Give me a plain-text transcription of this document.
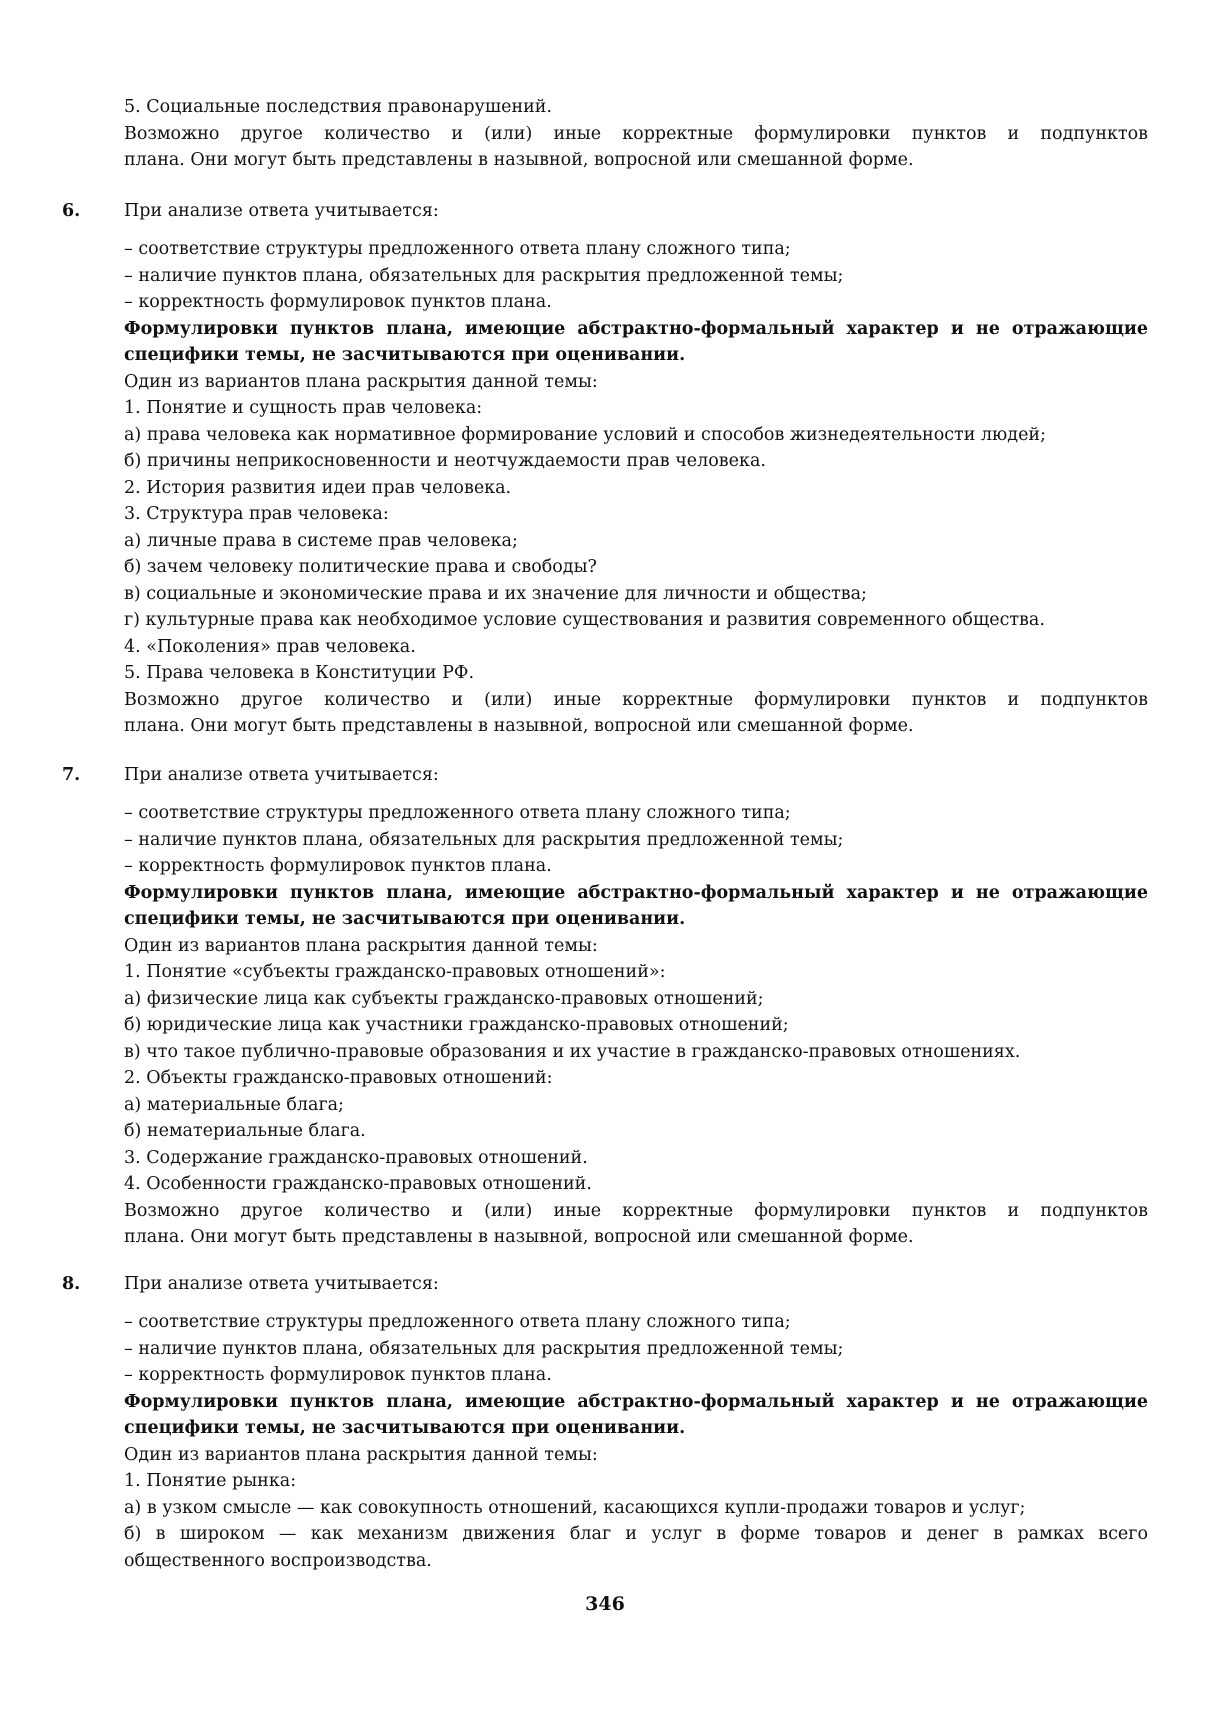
5. Социальные последствия правонарушений.
Возможно другое количество и (или) иные корректные формулировки пунктов и подпунктов
плана. Они могут быть представлены в назывной, вопросной или смешанной форме.
6. При анализе ответа учитывается:
– соответствие структуры предложенного ответа плану сложного типа;
– наличие пунктов плана, обязательных для раскрытия предложенной темы;
– корректность формулировок пунктов плана.
Формулировки пунктов плана, имеющие абстрактно-формальный характер и не отражающие
специфики темы, не засчитываются при оценивании.
Один из вариантов плана раскрытия данной темы:
1. Понятие и сущность прав человека:
а) права человека как нормативное формирование условий и способов жизнедеятельности людей;
б) причины неприкосновенности и неотчуждаемости прав человека.
2. История развития идеи прав человека.
3. Структура прав человека:
а) личные права в системе прав человека;
б) зачем человеку политические права и свободы?
в) социальные и экономические права и их значение для личности и общества;
г) культурные права как необходимое условие существования и развития современного общества.
4. «Поколения» прав человека.
5. Права человека в Конституции РФ.
Возможно другое количество и (или) иные корректные формулировки пунктов и подпунктов
плана. Они могут быть представлены в назывной, вопросной или смешанной форме.
7. При анализе ответа учитывается:
– соответствие структуры предложенного ответа плану сложного типа;
– наличие пунктов плана, обязательных для раскрытия предложенной темы;
– корректность формулировок пунктов плана.
Формулировки пунктов плана, имеющие абстрактно-формальный характер и не отражающие
специфики темы, не засчитываются при оценивании.
Один из вариантов плана раскрытия данной темы:
1. Понятие «субъекты гражданско-правовых отношений»:
а) физические лица как субъекты гражданско-правовых отношений;
б) юридические лица как участники гражданско-правовых отношений;
в) что такое публично-правовые образования и их участие в гражданско-правовых отношениях.
2. Объекты гражданско-правовых отношений:
а) материальные блага;
б) нематериальные блага.
3. Содержание гражданско-правовых отношений.
4. Особенности гражданско-правовых отношений.
Возможно другое количество и (или) иные корректные формулировки пунктов и подпунктов
плана. Они могут быть представлены в назывной, вопросной или смешанной форме.
8. При анализе ответа учитывается:
– соответствие структуры предложенного ответа плану сложного типа;
– наличие пунктов плана, обязательных для раскрытия предложенной темы;
– корректность формулировок пунктов плана.
Формулировки пунктов плана, имеющие абстрактно-формальный характер и не отражающие
специфики темы, не засчитываются при оценивании.
Один из вариантов плана раскрытия данной темы:
1. Понятие рынка:
а) в узком смысле — как совокупность отношений, касающихся купли-продажи товаров и услуг;
б) в широком — как механизм движения благ и услуг в форме товаров и денег в рамках всего
общественного воспроизводства.
346
